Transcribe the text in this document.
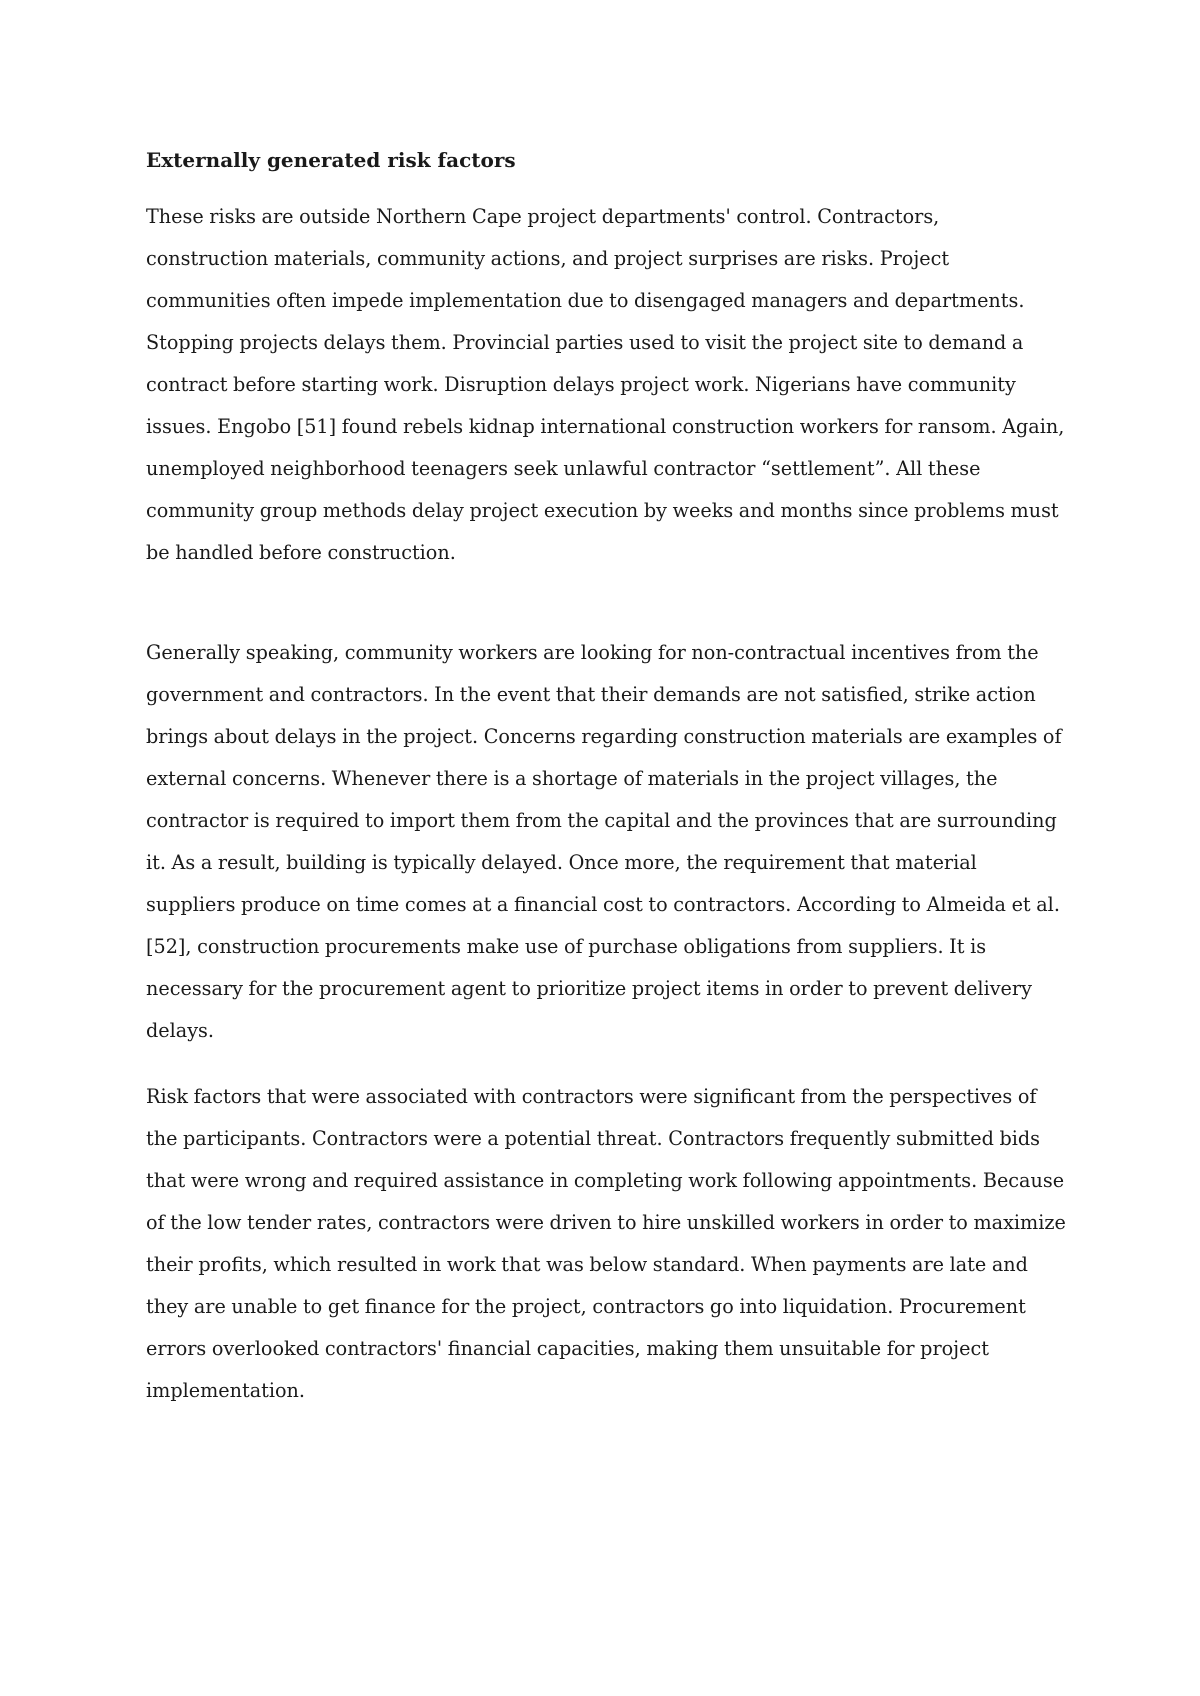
Externally generated risk factors

These risks are outside Northern Cape project departments' control. Contractors, construction materials, community actions, and project surprises are risks. Project communities often impede implementation due to disengaged managers and departments. Stopping projects delays them. Provincial parties used to visit the project site to demand a contract before starting work. Disruption delays project work. Nigerians have community issues. Engobo [51] found rebels kidnap international construction workers for ransom. Again, unemployed neighborhood teenagers seek unlawful contractor “settlement”. All these community group methods delay project execution by weeks and months since problems must be handled before construction.

Generally speaking, community workers are looking for non-contractual incentives from the government and contractors. In the event that their demands are not satisfied, strike action brings about delays in the project. Concerns regarding construction materials are examples of external concerns. Whenever there is a shortage of materials in the project villages, the contractor is required to import them from the capital and the provinces that are surrounding it. As a result, building is typically delayed. Once more, the requirement that material suppliers produce on time comes at a financial cost to contractors. According to Almeida et al. [52], construction procurements make use of purchase obligations from suppliers. It is necessary for the procurement agent to prioritize project items in order to prevent delivery delays.

Risk factors that were associated with contractors were significant from the perspectives of the participants. Contractors were a potential threat. Contractors frequently submitted bids that were wrong and required assistance in completing work following appointments. Because of the low tender rates, contractors were driven to hire unskilled workers in order to maximize their profits, which resulted in work that was below standard. When payments are late and they are unable to get finance for the project, contractors go into liquidation. Procurement errors overlooked contractors' financial capacities, making them unsuitable for project implementation.
